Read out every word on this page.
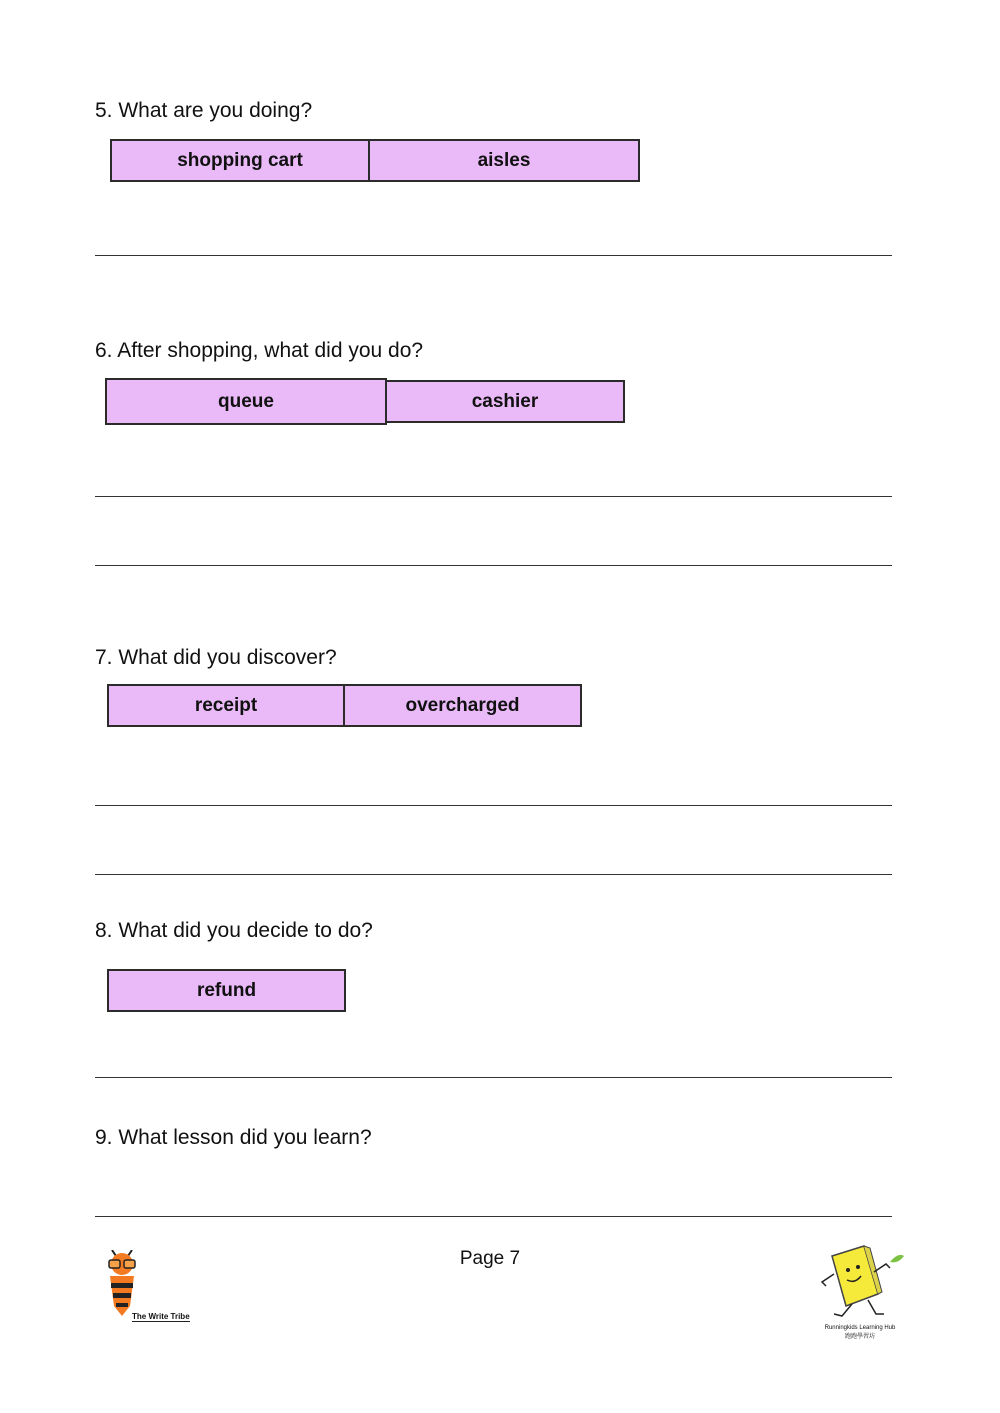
5. What are you doing?
shopping cart	aisles
6. After shopping, what did you do?
queue	cashier
7. What did you discover?
receipt	overcharged
8. What did you decide to do?
refund
9. What lesson did you learn?
Page 7
The Write Tribe
Runningkids Learning Hub
跑跑學習坊
